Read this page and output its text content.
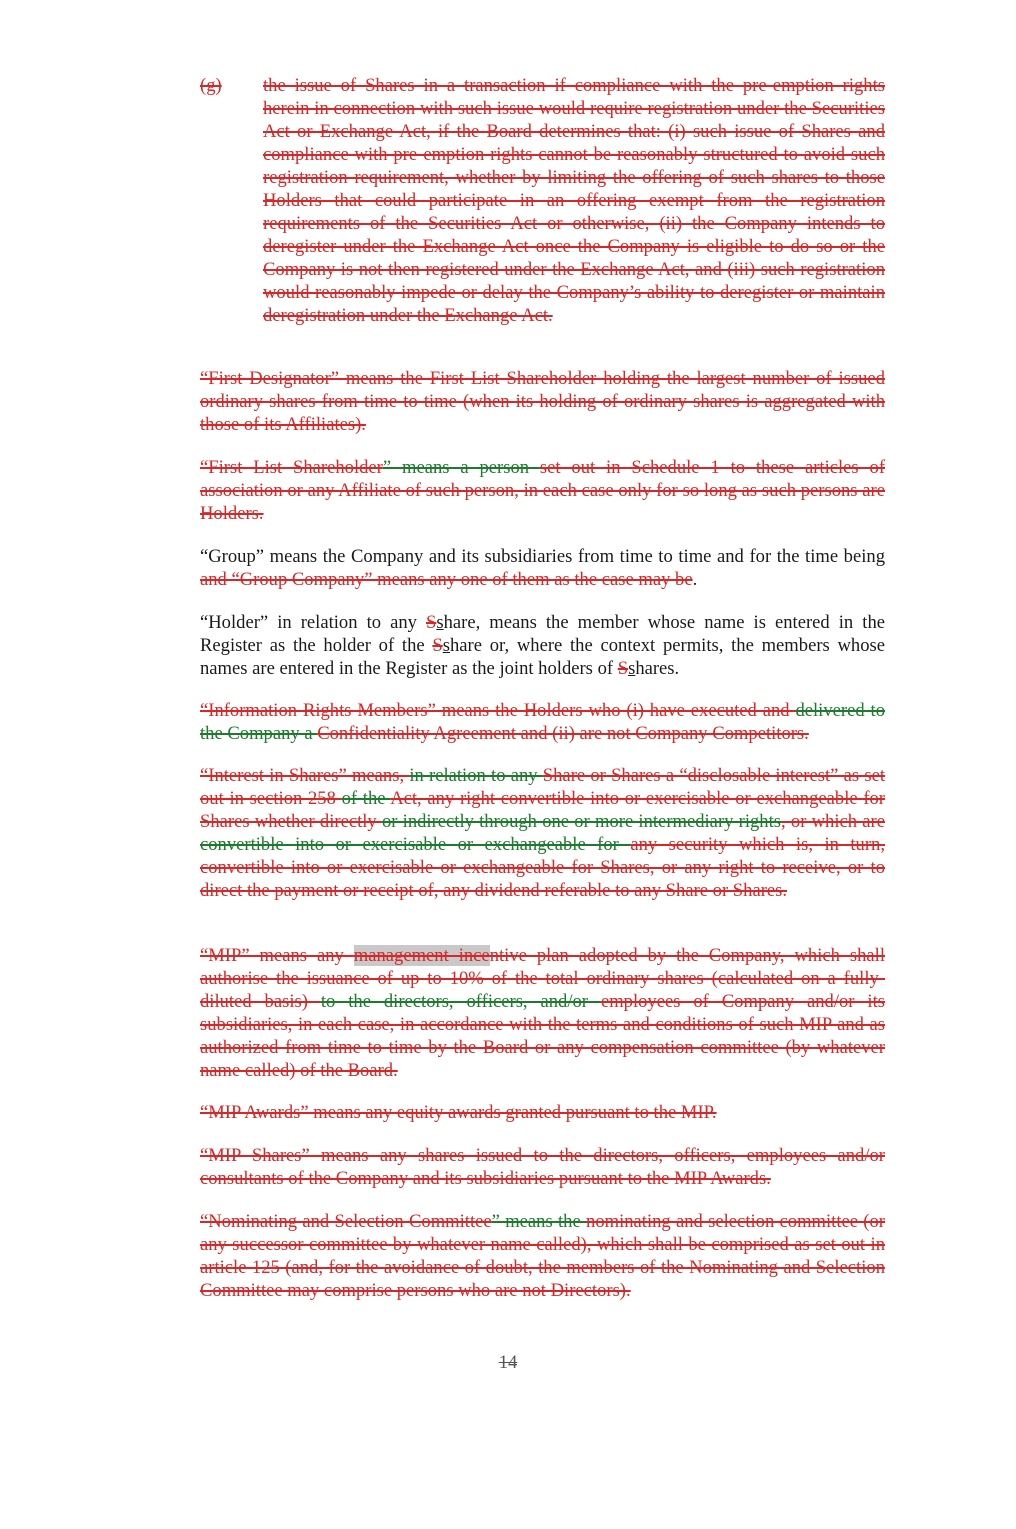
(g) the issue of Shares in a transaction if compliance with the pre-emption rights herein in connection with such issue would require registration under the Securities Act or Exchange Act, if the Board determines that: (i) such issue of Shares and compliance with pre-emption rights cannot be reasonably structured to avoid such registration requirement, whether by limiting the offering of such shares to those Holders that could participate in an offering exempt from the registration requirements of the Securities Act or otherwise, (ii) the Company intends to deregister under the Exchange Act once the Company is eligible to do so or the Company is not then registered under the Exchange Act, and (iii) such registration would reasonably impede or delay the Company’s ability to deregister or maintain deregistration under the Exchange Act.
“First Designator” means the First List Shareholder holding the largest number of issued ordinary shares from time to time (when its holding of ordinary shares is aggregated with those of its Affiliates).
“First List Shareholder” means a person set out in Schedule 1 to these articles of association or any Affiliate of such person, in each case only for so long as such persons are Holders.
“Group” means the Company and its subsidiaries from time to time and for the time being and “Group Company” means any one of them as the case may be.
“Holder” in relation to any Sshare, means the member whose name is entered in the Register as the holder of the Sshare or, where the context permits, the members whose names are entered in the Register as the joint holders of Sshares.
“Information Rights Members” means the Holders who (i) have executed and delivered to the Company a Confidentiality Agreement and (ii) are not Company Competitors.
“Interest in Shares” means, in relation to any Share or Shares a “disclosable interest” as set out in section 258 of the Act, any right convertible into or exercisable or exchangeable for Shares whether directly or indirectly through one or more intermediary rights, or which are convertible into or exercisable or exchangeable for any security which is, in turn, convertible into or exercisable or exchangeable for Shares, or any right to receive, or to direct the payment or receipt of, any dividend referable to any Share or Shares.
“MIP” means any management incentive plan adopted by the Company, which shall authorise the issuance of up to 10% of the total ordinary shares (calculated on a fully-diluted basis) to the directors, officers, and/or employees of Company and/or its subsidiaries, in each case, in accordance with the terms and conditions of such MIP and as authorized from time to time by the Board or any compensation committee (by whatever name called) of the Board.
“MIP Awards” means any equity awards granted pursuant to the MIP.
“MIP Shares” means any shares issued to the directors, officers, employees and/or consultants of the Company and its subsidiaries pursuant to the MIP Awards.
“Nominating and Selection Committee” means the nominating and selection committee (or any successor committee by whatever name called), which shall be comprised as set out in article 125 (and, for the avoidance of doubt, the members of the Nominating and Selection Committee may comprise persons who are not Directors).
14
